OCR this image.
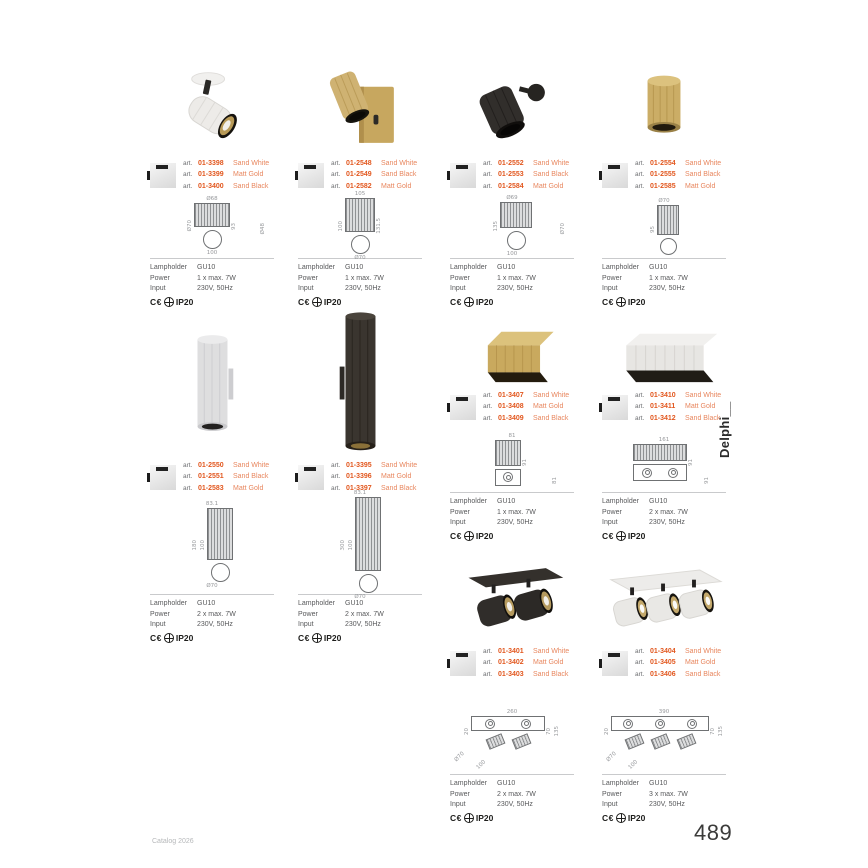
art. 01-3398	Sand White
art. 01-3399	Matt Gold
art. 01-3400	Sand Black
Ø68
Ø70	93
100
Ø48
Lampholder	GU10
Power	1 x max. 7W
Input	230V, 50Hz
C€ IP20
art. 01-2550	Sand White
art. 01-2551	Sand Black
art. 01-2583	Matt Gold
83.1
180 100
Ø70
Lampholder	GU10
Power	2 x max. 7W
Input	230V, 50Hz
C€ IP20
art. 01-2548	Sand White
art. 01-2549	Sand Black
art. 01-2582	Matt Gold
105
100	131.5
Ø70
Lampholder	GU10
Power	1 x max. 7W
Input	230V, 50Hz
C€ IP20
art. 01-3395	Sand White
art. 01-3396	Matt Gold
art. 01-3397	Sand Black
83.1
300 100
Ø70
Lampholder	GU10
Power	2 x max. 7W
Input	230V, 50Hz
C€ IP20
art. 01-2552	Sand White
art. 01-2553	Sand Black
art. 01-2584	Matt Gold
Ø69
135
100
Ø70
Lampholder	GU10
Power	1 x max. 7W
Input	230V, 50Hz
C€ IP20
art. 01-3407	Sand White
art. 01-3408	Matt Gold
art. 01-3409	Sand Black
81
91
81
Lampholder	GU10
Power	1 x max. 7W
Input	230V, 50Hz
C€ IP20
art. 01-3401	Sand White
art. 01-3402	Matt Gold
art. 01-3403	Sand Black
260
20	70 135
Ø70
100
Lampholder	GU10
Power	2 x max. 7W
Input	230V, 50Hz
C€ IP20
art. 01-2554	Sand White
art. 01-2555	Sand Black
art. 01-2585	Matt Gold
Ø70
95
Lampholder	GU10
Power	1 x max. 7W
Input	230V, 50Hz
C€ IP20
art. 01-3410	Sand White
art. 01-3411	Matt Gold
art. 01-3412	Sand Black
161
91
91
Lampholder	GU10
Power	2 x max. 7W
Input	230V, 50Hz
C€ IP20
art. 01-3404	Sand White
art. 01-3405	Matt Gold
art. 01-3406	Sand Black
390
20	70 135
Ø70
100
Lampholder	GU10
Power	3 x max. 7W
Input	230V, 50Hz
C€ IP20
Delphi__
Catalog 2026	489
